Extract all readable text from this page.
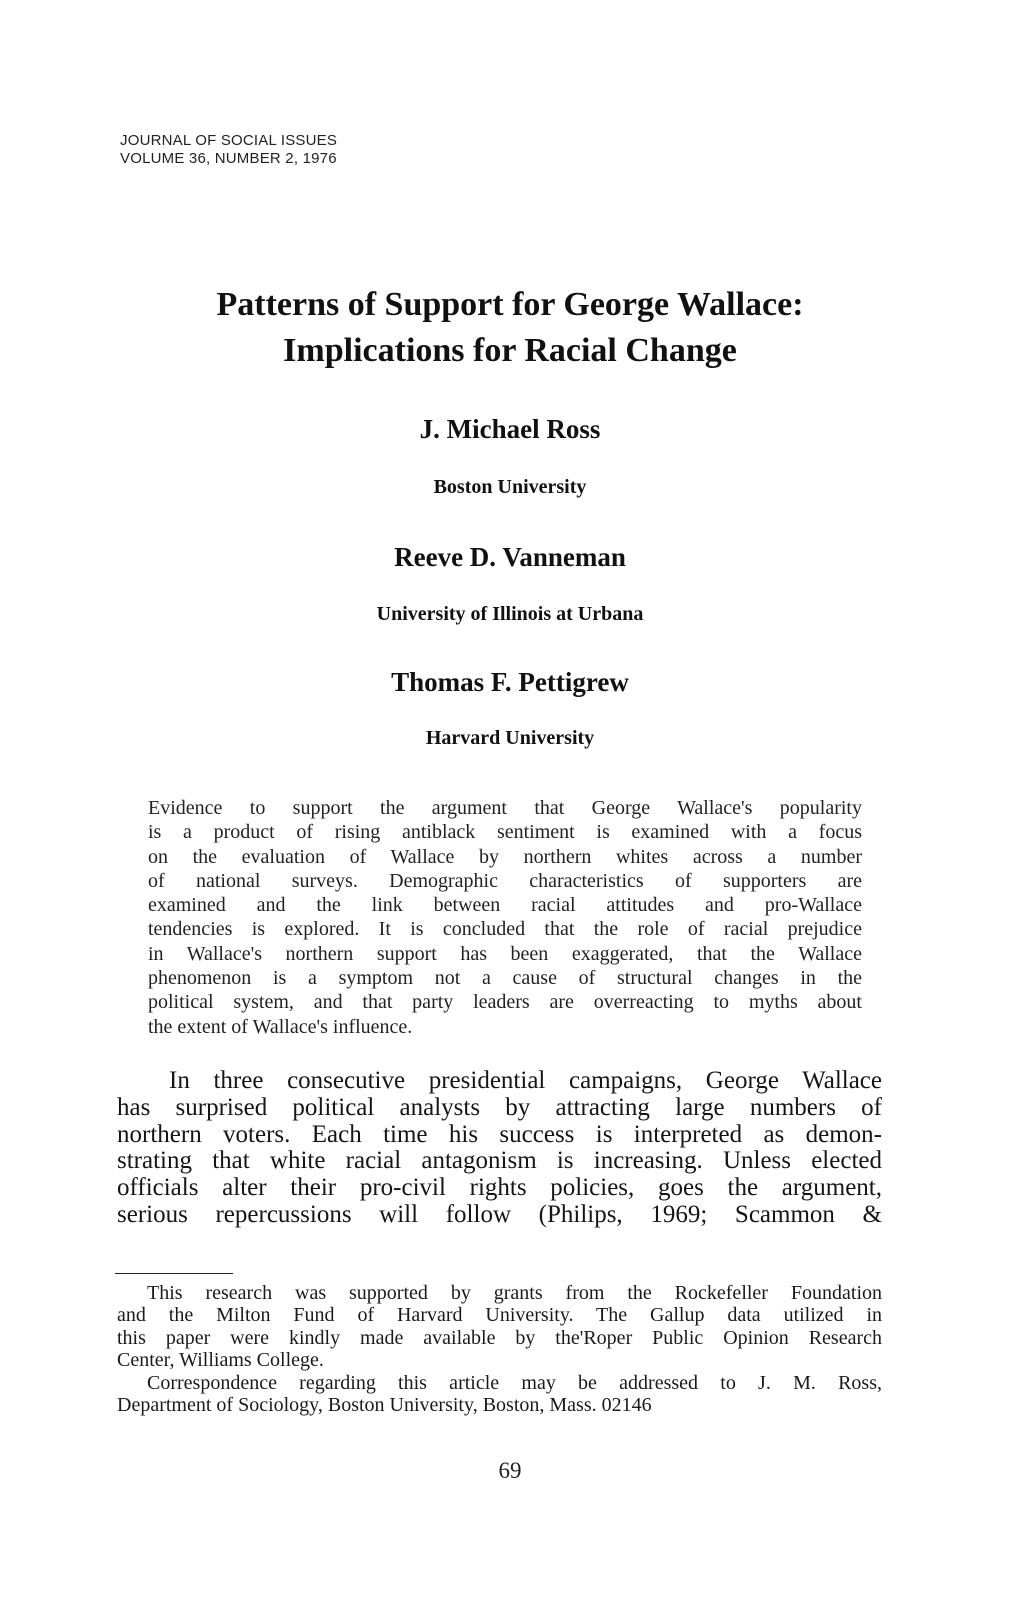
JOURNAL OF SOCIAL ISSUES
VOLUME 36, NUMBER 2, 1976
Patterns of Support for George Wallace:
Implications for Racial Change
J. Michael Ross
Boston University
Reeve D. Vanneman
University of Illinois at Urbana
Thomas F. Pettigrew
Harvard University
Evidence to support the argument that George Wallace's popularity
is a product of rising antiblack sentiment is examined with a focus
on the evaluation of Wallace by northern whites across a number
of national surveys. Demographic characteristics of supporters are
examined and the link between racial attitudes and pro-Wallace
tendencies is explored. It is concluded that the role of racial prejudice
in Wallace's northern support has been exaggerated, that the Wallace
phenomenon is a symptom not a cause of structural changes in the
political system, and that party leaders are overreacting to myths about
the extent of Wallace's influence.
In three consecutive presidential campaigns, George Wallace
has surprised political analysts by attracting large numbers of
northern voters. Each time his success is interpreted as demon-
strating that white racial antagonism is increasing. Unless elected
officials alter their pro-civil rights policies, goes the argument,
serious repercussions will follow (Philips, 1969; Scammon &
This research was supported by grants from the Rockefeller Foundation
and the Milton Fund of Harvard University. The Gallup data utilized in
this paper were kindly made available by the'Roper Public Opinion Research
Center, Williams College.
Correspondence regarding this article may be addressed to J. M. Ross,
Department of Sociology, Boston University, Boston, Mass. 02146
69
